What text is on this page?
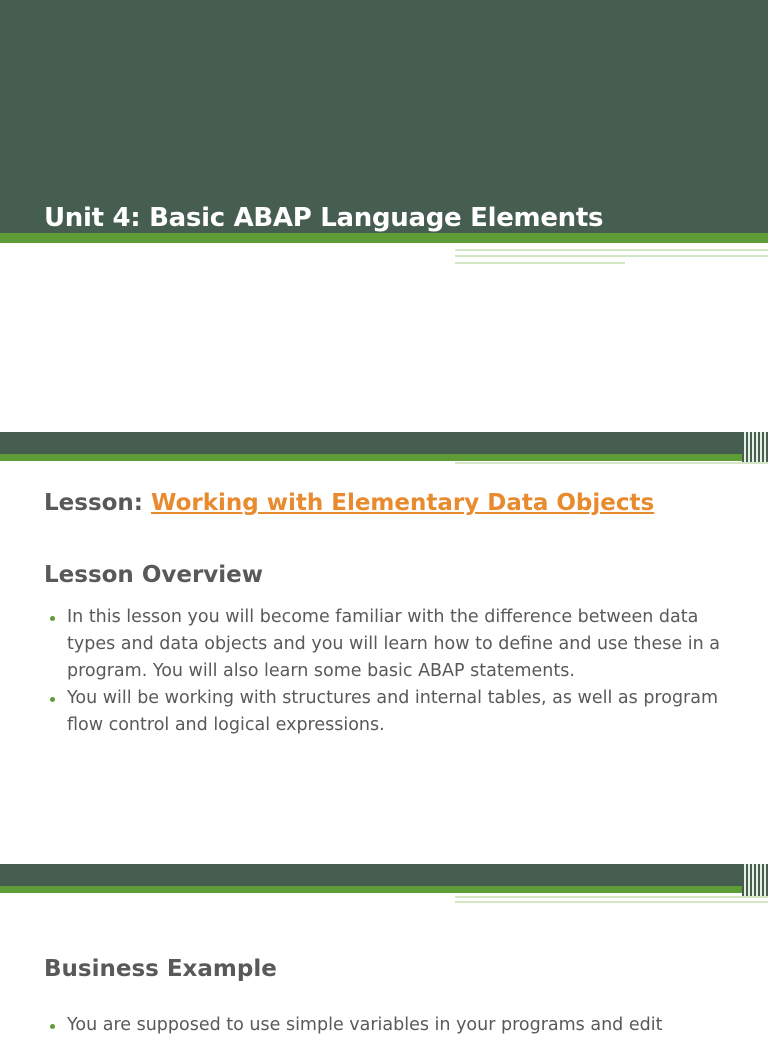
Unit 4: Basic ABAP Language Elements
Lesson: Working with Elementary Data Objects
Lesson Overview
In this lesson you will become familiar with the difference between data types and data objects and you will learn how to define and use these in a program. You will also learn some basic ABAP statements.
You will be working with structures and internal tables, as well as program flow control and logical expressions.
Business Example
You are supposed to use simple variables in your programs and edit
